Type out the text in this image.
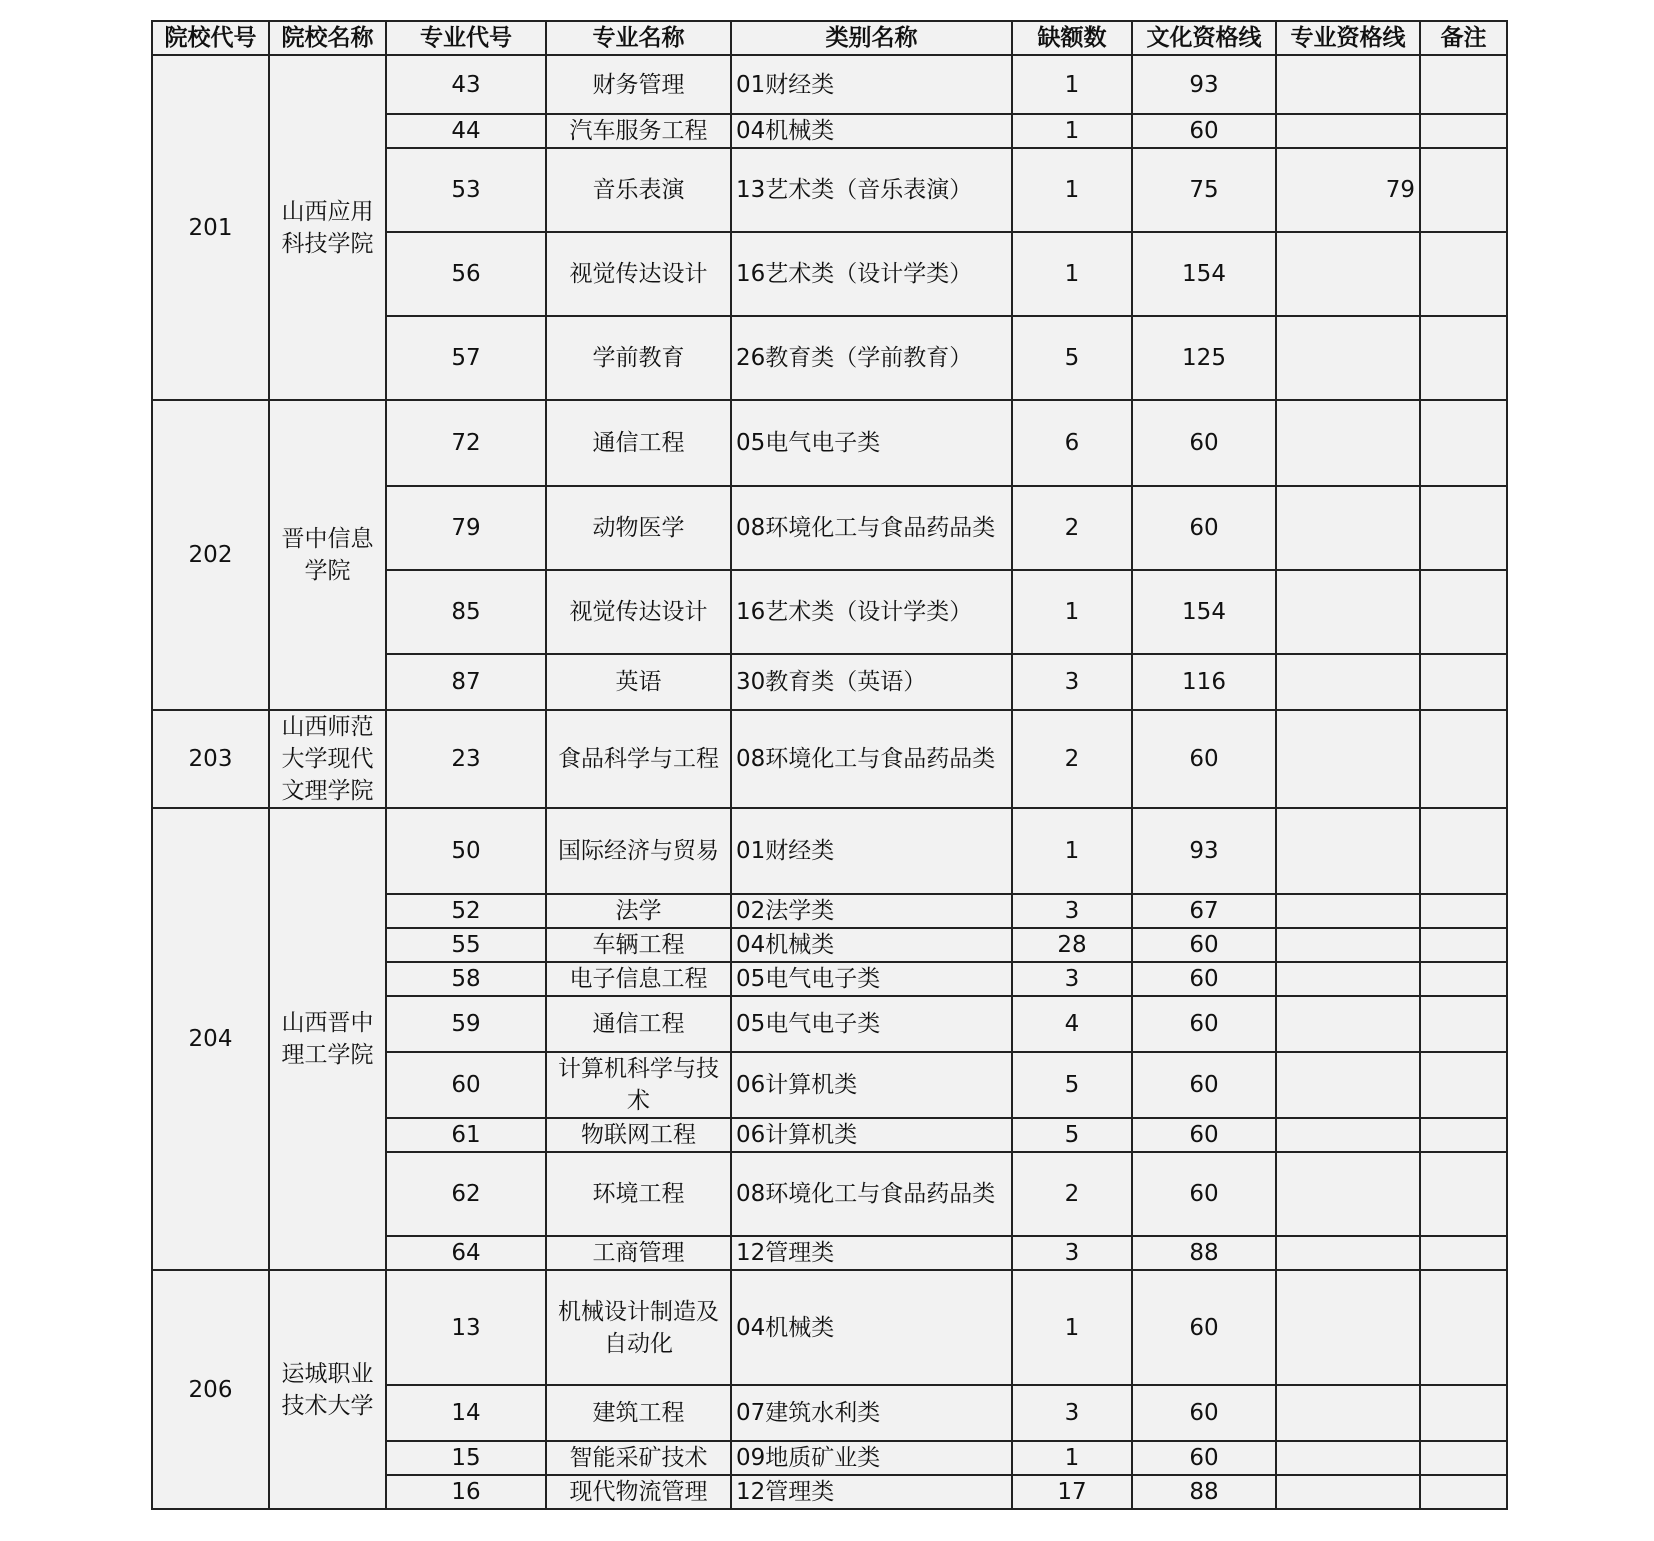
院校代号	院校名称	专业代号	专业名称	类别名称	缺额数	文化资格线	专业资格线	备注
201	山西应用科技学院	43	财务管理	01财经类	1	93		
		44	汽车服务工程	04机械类	1	60		
		53	音乐表演	13艺术类（音乐表演）	1	75	79	
		56	视觉传达设计	16艺术类（设计学类）	1	154		
		57	学前教育	26教育类（学前教育）	5	125		
202	晋中信息学院	72	通信工程	05电气电子类	6	60		
		79	动物医学	08环境化工与食品药品类	2	60		
		85	视觉传达设计	16艺术类（设计学类）	1	154		
		87	英语	30教育类（英语）	3	116		
203	山西师范大学现代文理学院	23	食品科学与工程	08环境化工与食品药品类	2	60		
204	山西晋中理工学院	50	国际经济与贸易	01财经类	1	93		
		52	法学	02法学类	3	67		
		55	车辆工程	04机械类	28	60		
		58	电子信息工程	05电气电子类	3	60		
		59	通信工程	05电气电子类	4	60		
		60	计算机科学与技术	06计算机类	5	60		
		61	物联网工程	06计算机类	5	60		
		62	环境工程	08环境化工与食品药品类	2	60		
		64	工商管理	12管理类	3	88		
206	运城职业技术大学	13	机械设计制造及自动化	04机械类	1	60		
		14	建筑工程	07建筑水利类	3	60		
		15	智能采矿技术	09地质矿业类	1	60		
		16	现代物流管理	12管理类	17	88		
